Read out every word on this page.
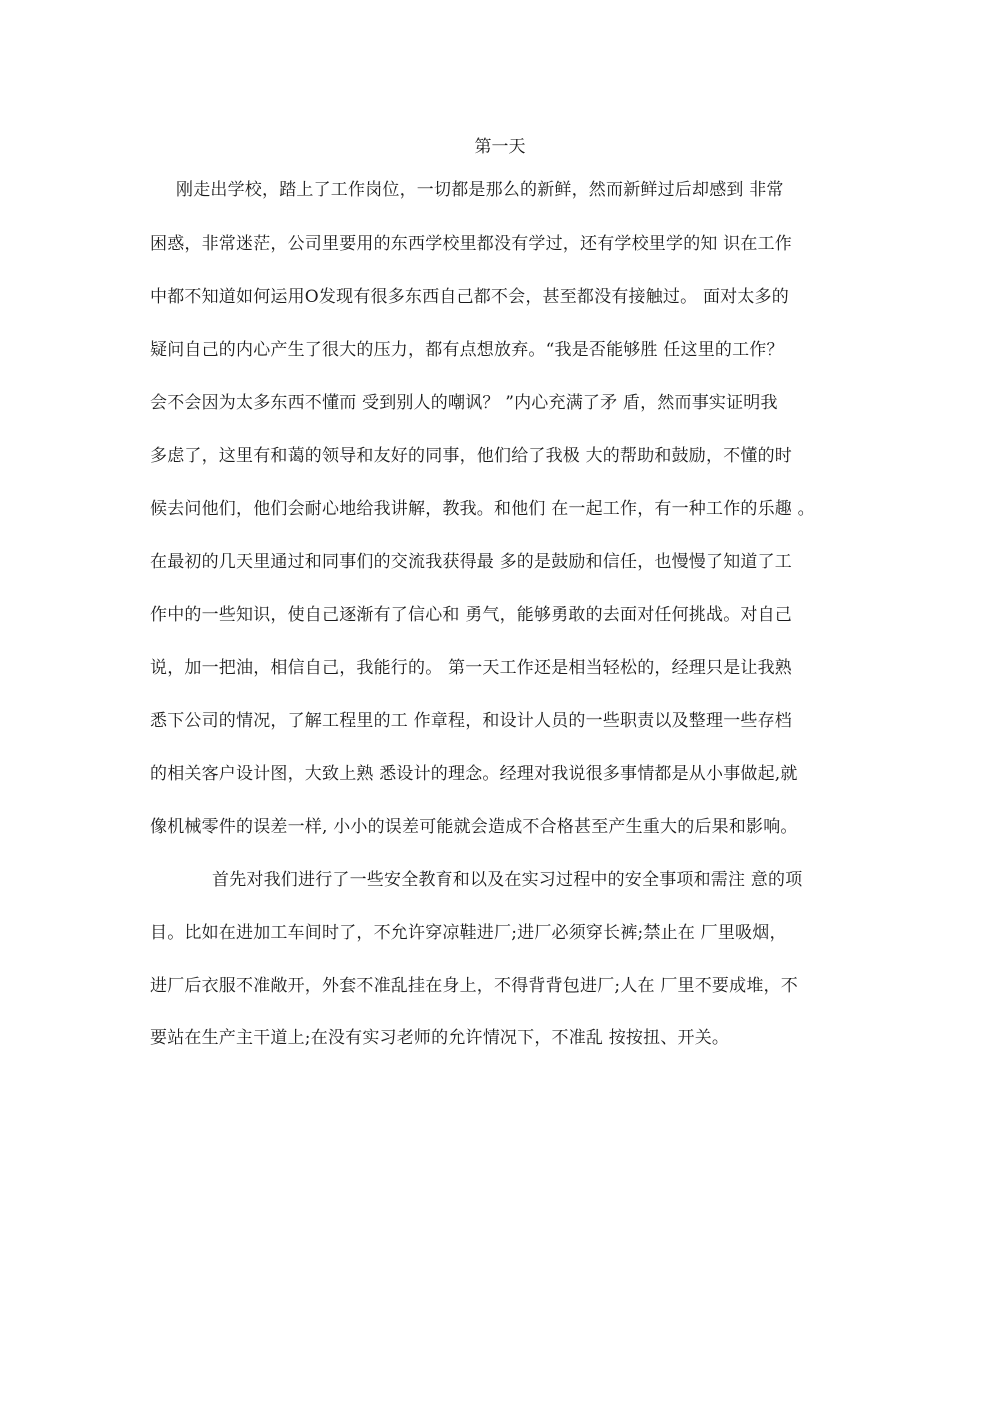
第一天
刚走出学校，踏上了工作岗位，一切都是那么的新鲜，然而新鲜过后却感到 非常
困惑，非常迷茫，公司里要用的东西学校里都没有学过，还有学校里学的知 识在工作
中都不知道如何运用O发现有很多东西自己都不会，甚至都没有接触过。 面对太多的
疑问自己的内心产生了很大的压力，都有点想放弃。“我是否能够胜 任这里的工作？
会不会因为太多东西不懂而 受到别人的嘲讽？ ”内心充满了矛 盾，然而事实证明我
多虑了，这里有和蔼的领导和友好的同事，他们给了我极 大的帮助和鼓励，不懂的时
候去问他们，他们会耐心地给我讲解，教我。和他们 在一起工作，有一种工作的乐趣 。
在最初的几天里通过和同事们的交流我获得最 多的是鼓励和信任，也慢慢了知道了工
作中的一些知识，使自己逐渐有了信心和 勇气，能够勇敢的去面对任何挑战。对自己
说，加一把油，相信自己，我能行的。 第一天工作还是相当轻松的，经理只是让我熟
悉下公司的情况，了解工程里的工 作章程，和设计人员的一些职责以及整理一些存档
的相关客户设计图，大致上熟 悉设计的理念。经理对我说很多事情都是从小事做起,就
像机械零件的误差一样, 小小的误差可能就会造成不合格甚至产生重大的后果和影响。
首先对我们进行了一些安全教育和以及在实习过程中的安全事项和需注 意的项
目。比如在进加工车间时了，不允许穿凉鞋进厂;进厂必须穿长裤;禁止在 厂里吸烟，
进厂后衣服不准敞开，外套不准乱挂在身上，不得背背包进厂;人在 厂里不要成堆，不
要站在生产主干道上;在没有实习老师的允许情况下，不准乱 按按扭、开关。
